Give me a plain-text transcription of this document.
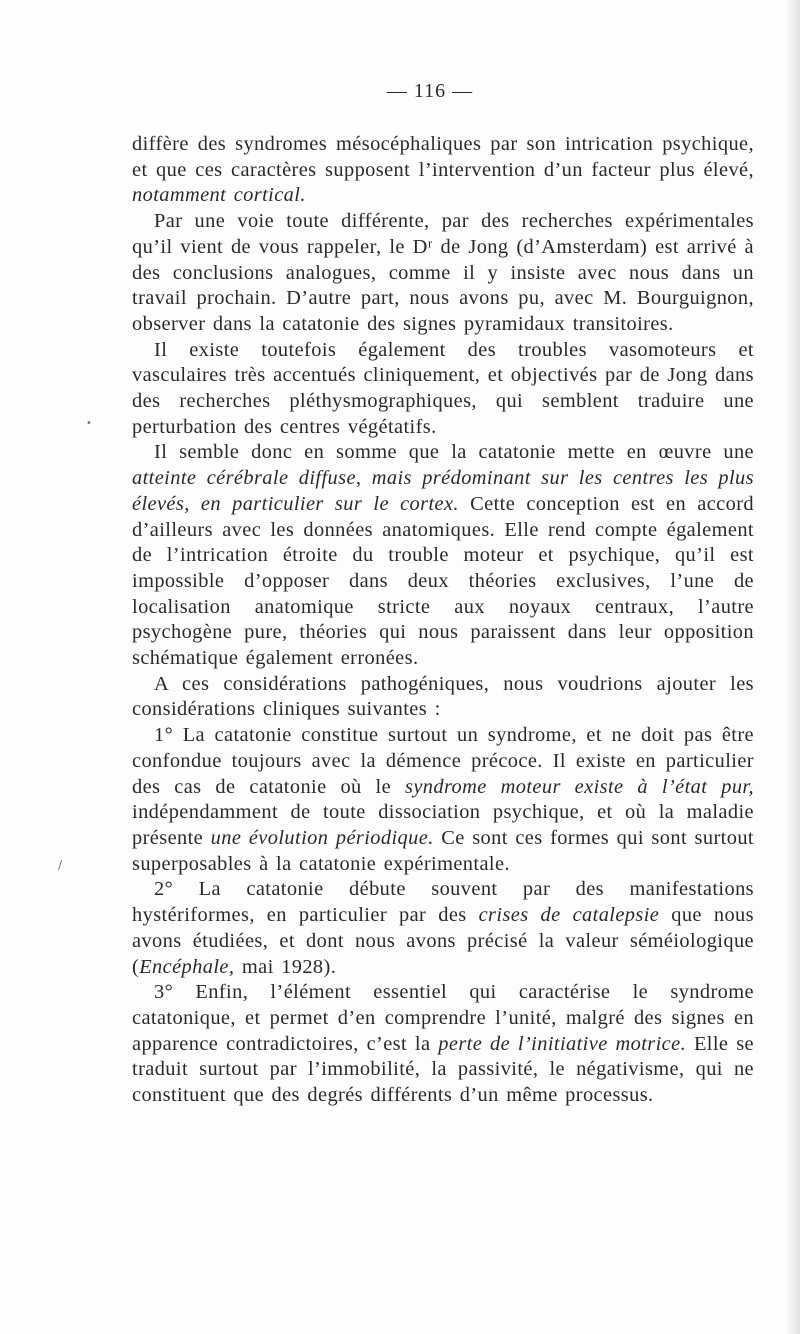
— 116 —

diffère des syndromes mésocéphaliques par son intrication psychique, et que ces caractères supposent l’intervention d’un facteur plus élevé, notamment cortical.

Par une voie toute différente, par des recherches expérimentales qu’il vient de vous rappeler, le Dʳ de Jong (d’Amsterdam) est arrivé à des conclusions analogues, comme il y insiste avec nous dans un travail prochain. D’autre part, nous avons pu, avec M. Bourguignon, observer dans la catatonie des signes pyramidaux transitoires.

Il existe toutefois également des troubles vasomoteurs et vasculaires très accentués cliniquement, et objectivés par de Jong dans des recherches pléthysmographiques, qui semblent traduire une perturbation des centres végétatifs.

Il semble donc en somme que la catatonie mette en œuvre une atteinte cérébrale diffuse, mais prédominant sur les centres les plus élevés, en particulier sur le cortex. Cette conception est en accord d’ailleurs avec les données anatomiques. Elle rend compte également de l’intrication étroite du trouble moteur et psychique, qu’il est impossible d’opposer dans deux théories exclusives, l’une de localisation anatomique stricte aux noyaux centraux, l’autre psychogène pure, théories qui nous paraissent dans leur opposition schématique également erronées.

A ces considérations pathogéniques, nous voudrions ajouter les considérations cliniques suivantes :

1° La catatonie constitue surtout un syndrome, et ne doit pas être confondue toujours avec la démence précoce. Il existe en particulier des cas de catatonie où le syndrome moteur existe à l’état pur, indépendamment de toute dissociation psychique, et où la maladie présente une évolution périodique. Ce sont ces formes qui sont surtout superposables à la catatonie expérimentale.

2° La catatonie débute souvent par des manifestations hystériformes, en particulier par des crises de catalepsie que nous avons étudiées, et dont nous avons précisé la valeur séméiologique (Encéphale, mai 1928).

3° Enfin, l’élément essentiel qui caractérise le syndrome catatonique, et permet d’en comprendre l’unité, malgré des signes en apparence contradictoires, c’est la perte de l’initiative motrice. Elle se traduit surtout par l’immobilité, la passivité, le négativisme, qui ne constituent que des degrés différents d’un même processus.

•
/
